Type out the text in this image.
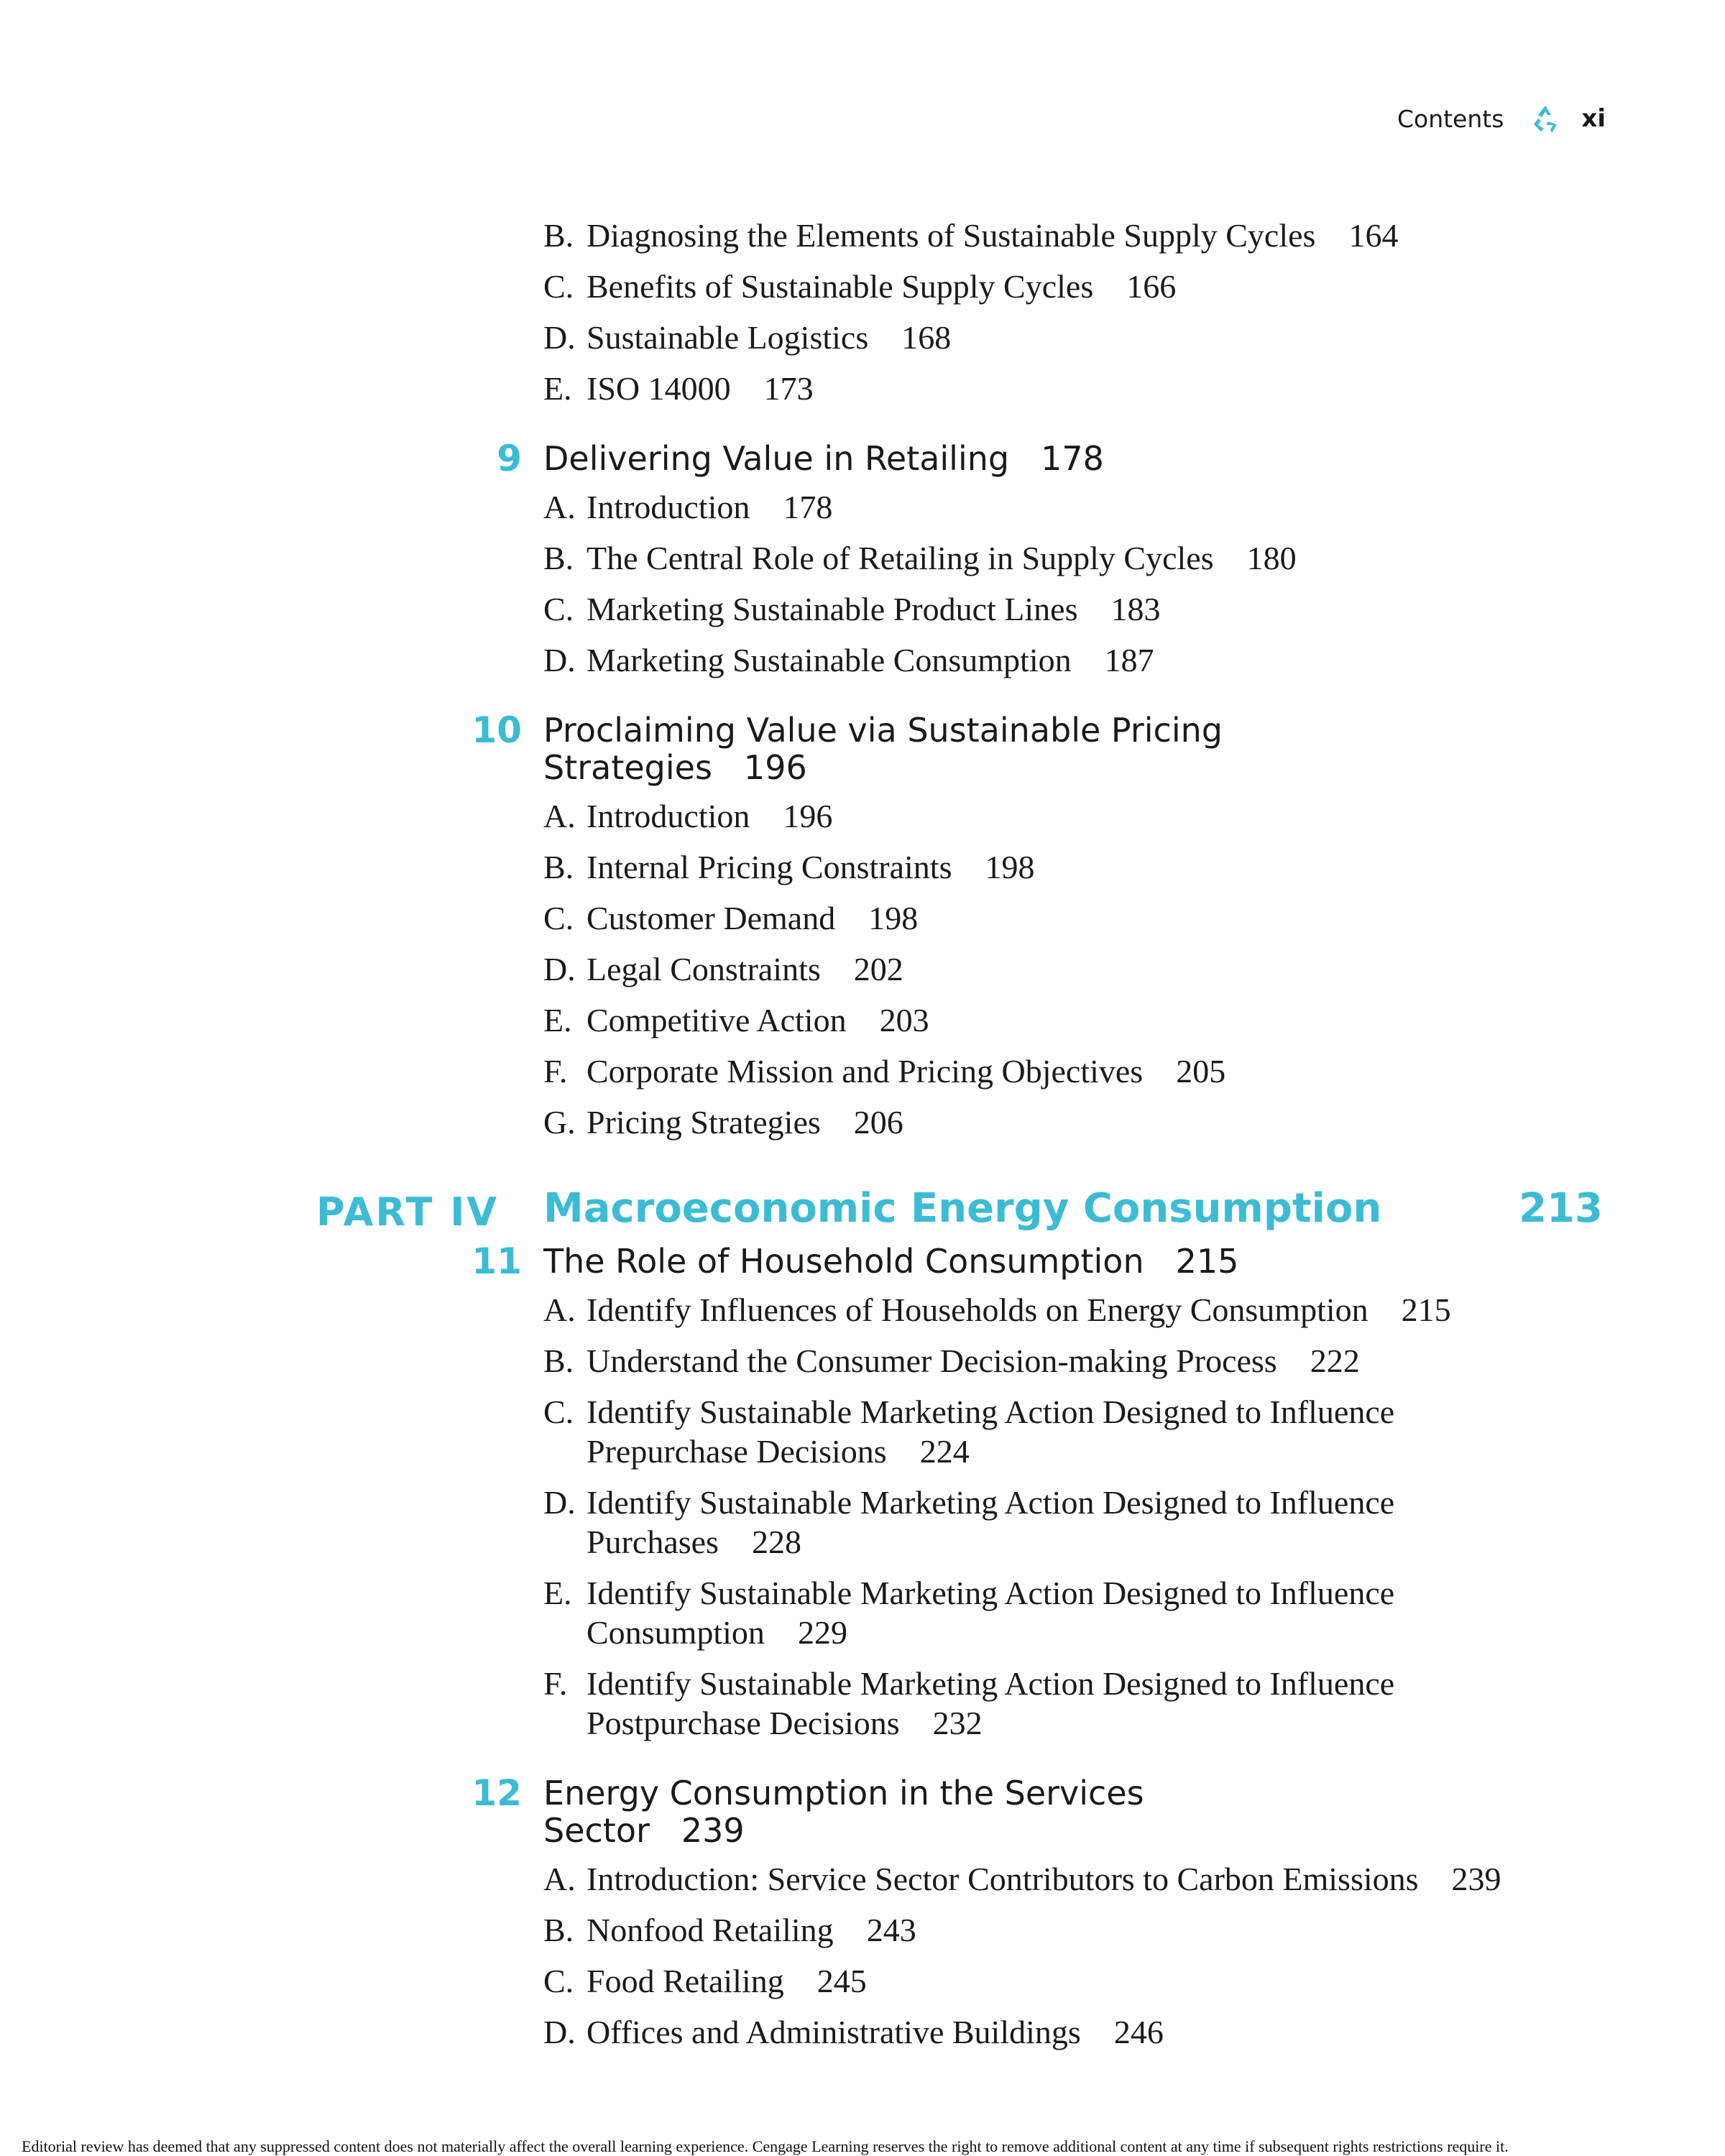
Contents	xi
B. Diagnosing the Elements of Sustainable Supply Cycles 164
C. Benefits of Sustainable Supply Cycles 166
D. Sustainable Logistics 168
E. ISO 14000 173
9 Delivering Value in Retailing 178
A. Introduction 178
B. The Central Role of Retailing in Supply Cycles 180
C. Marketing Sustainable Product Lines 183
D. Marketing Sustainable Consumption 187
10 Proclaiming Value via Sustainable Pricing Strategies 196
A. Introduction 196
B. Internal Pricing Constraints 198
C. Customer Demand 198
D. Legal Constraints 202
E. Competitive Action 203
F. Corporate Mission and Pricing Objectives 205
G. Pricing Strategies 206
PART IV Macroeconomic Energy Consumption	213
11 The Role of Household Consumption 215
A. Identify Influences of Households on Energy Consumption 215
B. Understand the Consumer Decision-making Process 222
C. Identify Sustainable Marketing Action Designed to Influence Prepurchase Decisions 224
D. Identify Sustainable Marketing Action Designed to Influence Purchases 228
E. Identify Sustainable Marketing Action Designed to Influence Consumption 229
F. Identify Sustainable Marketing Action Designed to Influence Postpurchase Decisions 232
12 Energy Consumption in the Services Sector 239
A. Introduction: Service Sector Contributors to Carbon Emissions 239
B. Nonfood Retailing 243
C. Food Retailing 245
D. Offices and Administrative Buildings 246
Editorial review has deemed that any suppressed content does not materially affect the overall learning experience. Cengage Learning reserves the right to remove additional content at any time if subsequent rights restrictions require it.
